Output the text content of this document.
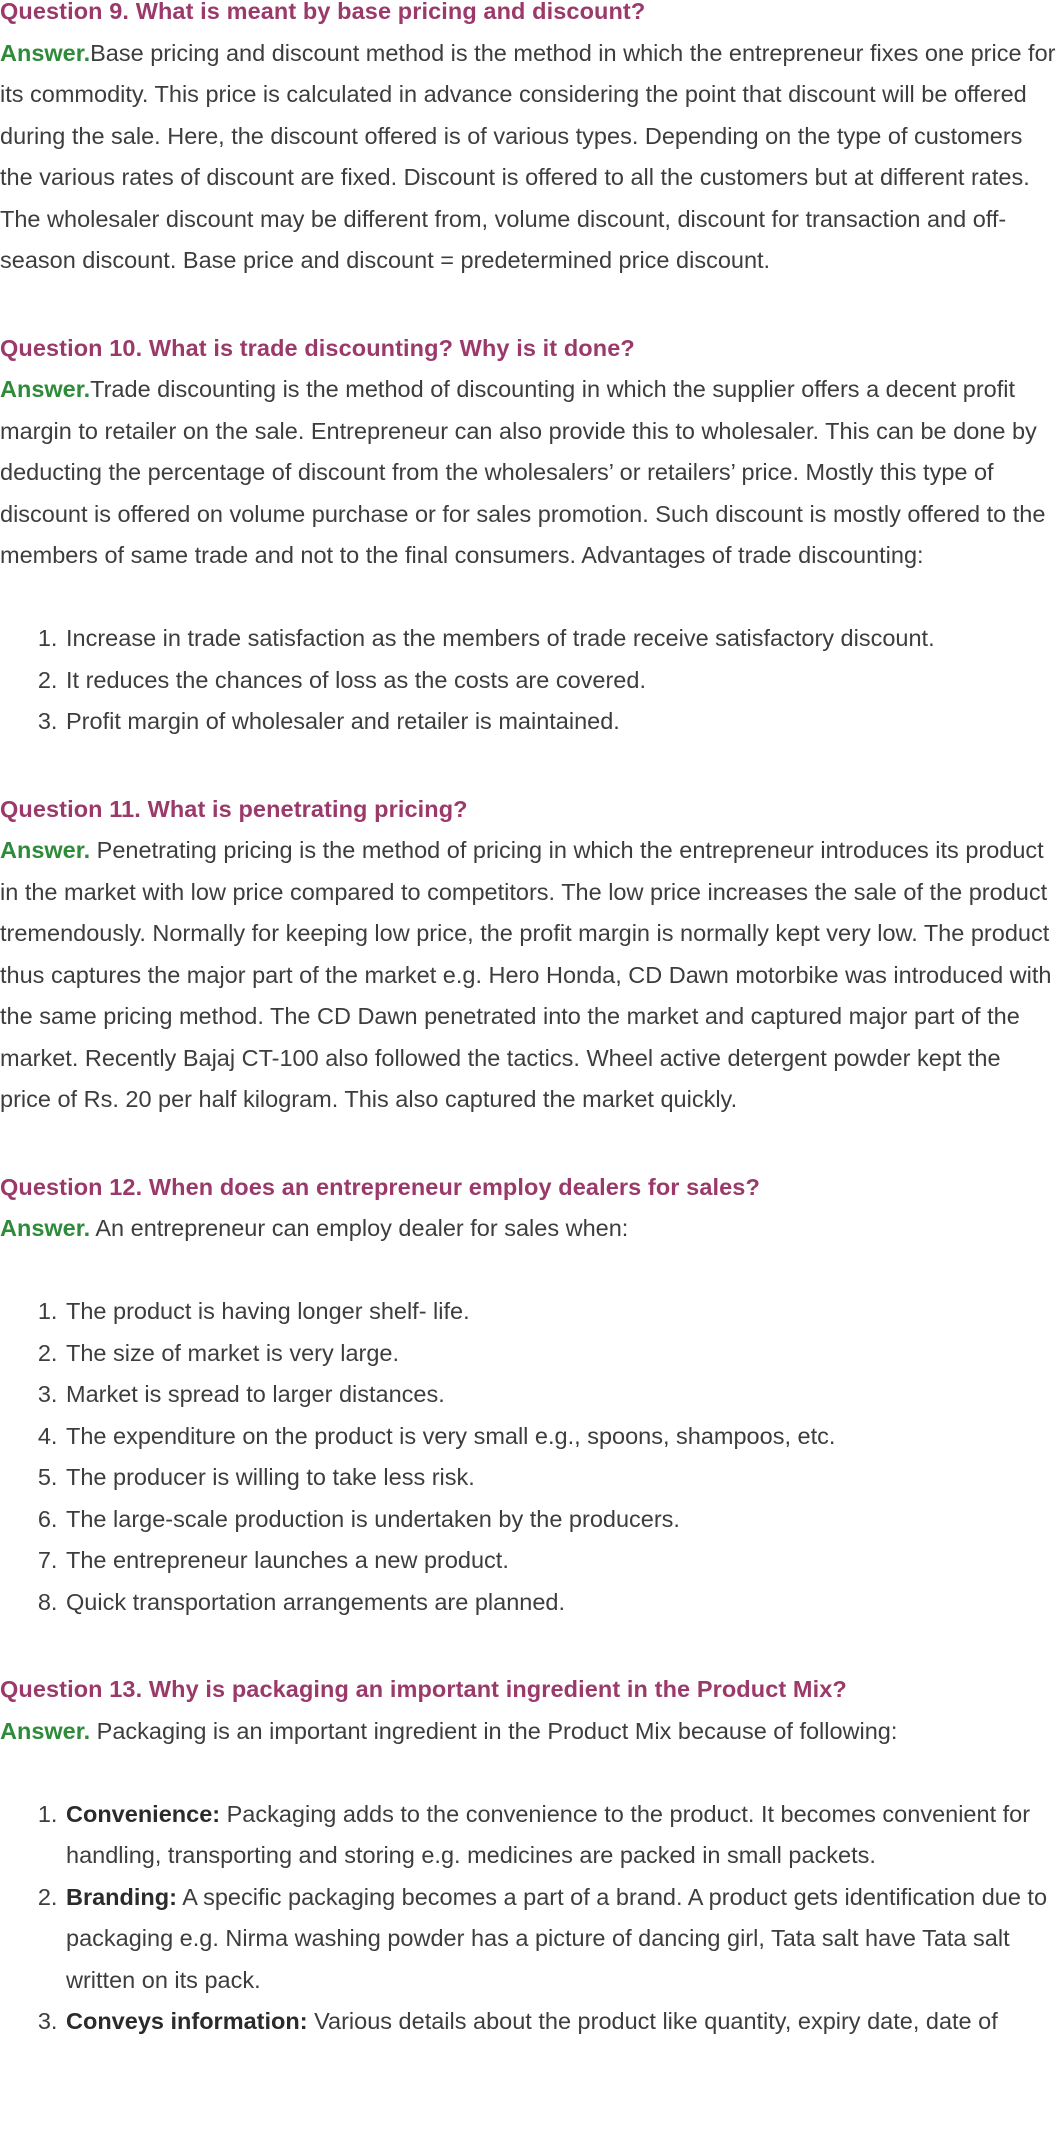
Question 9. What is meant by base pricing and discount?

Answer.Base pricing and discount method is the method in which the entrepreneur fixes one price for its commodity. This price is calculated in advance considering the point that discount will be offered during the sale. Here, the discount offered is of various types. Depending on the type of customers the various rates of discount are fixed. Discount is offered to all the customers but at different rates.

The wholesaler discount may be different from, volume discount, discount for transaction and off-season discount. Base price and discount = predetermined price discount.

Question 10. What is trade discounting? Why is it done?

Answer.Trade discounting is the method of discounting in which the supplier offers a decent profit margin to retailer on the sale. Entrepreneur can also provide this to wholesaler. This can be done by deducting the percentage of discount from the wholesalers’ or retailers’ price. Mostly this type of discount is offered on volume purchase or for sales promotion. Such discount is mostly offered to the members of same trade and not to the final consumers. Advantages of trade discounting:

1. Increase in trade satisfaction as the members of trade receive satisfactory discount.
2. It reduces the chances of loss as the costs are covered.
3. Profit margin of wholesaler and retailer is maintained.

Question 11. What is penetrating pricing?

Answer. Penetrating pricing is the method of pricing in which the entrepreneur introduces its product in the market with low price compared to competitors. The low price increases the sale of the product tremendously. Normally for keeping low price, the profit margin is normally kept very low. The product thus captures the major part of the market e.g. Hero Honda, CD Dawn motorbike was introduced with the same pricing method. The CD Dawn penetrated into the market and captured major part of the market. Recently Bajaj CT-100 also followed the tactics. Wheel active detergent powder kept the price of Rs. 20 per half kilogram. This also captured the market quickly.

Question 12. When does an entrepreneur employ dealers for sales?

Answer. An entrepreneur can employ dealer for sales when:

1. The product is having longer shelf- life.
2. The size of market is very large.
3. Market is spread to larger distances.
4. The expenditure on the product is very small e.g., spoons, shampoos, etc.
5. The producer is willing to take less risk.
6. The large-scale production is undertaken by the producers.
7. The entrepreneur launches a new product.
8. Quick transportation arrangements are planned.

Question 13. Why is packaging an important ingredient in the Product Mix?

Answer. Packaging is an important ingredient in the Product Mix because of following:

1. Convenience: Packaging adds to the convenience to the product. It becomes convenient for handling, transporting and storing e.g. medicines are packed in small packets.
2. Branding: A specific packaging becomes a part of a brand. A product gets identification due to packaging e.g. Nirma washing powder has a picture of dancing girl, Tata salt have Tata salt written on its pack.
3. Conveys information: Various details about the product like quantity, expiry date, date of
